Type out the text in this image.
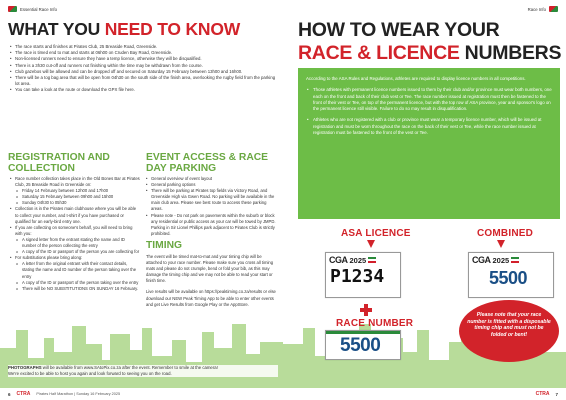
Essential Race Info
WHAT YOU NEED TO KNOW
• The race starts and finishes at Pirates Club, 25 Breaside Road, Greenside.
• The race is timed end to mat and starts at 06h00 on Cruden Bay Road, Greenside.
• Non-licensed runners need to ensure they have a temp licence, otherwise they will be disqualified.
• There is a 3h30 cut-off and runners not finishing within the time may be withdrawn from the course.
• Club gazebos will be allowed and can be dropped off and secured on Saturday 15 February between 13h00 and 16h00.
• There will be a tog bag area that will be open from 04h30 on the south side of the finish area, overlooking the rugby field from the parking lot area.
• You can take a look at the route or download the GPX file here.
REGISTRATION AND
COLLECTION
• Race number collection takes place in the Old Bones Bar at Pirates Club, 25 Breaside Road in Greenside on:
o Friday 14 February between 12h00 and 17h00
o Saturday 15 February between 09h00 and 15h00
o Sunday 04h30 to 05h30
• Collection is in the Pirates main clubhouse where you will be able to collect your number, and t-shirt if you have purchased or qualified for an early-bird entry one.
• If you are collecting on someone's behalf, you will need to bring with you:
o A signed letter from the entrant stating the name and ID number of the person collecting the entry
o A copy of the ID or passport of the person you are collecting for
• For substitutions please bring along:
o A letter from the original entrant with their contact details, stating the name and ID number of the person taking over the entry
o A copy of the ID or passport of the person taking over the entry
o There will be NO SUBSTITUTIONS ON SUNDAY 16 February.
EVENT ACCESS & RACE
DAY PARKING
• General overview of event layout
• General parking options
• There will be parking at Pirates top fields via Victory Road, and Greenside High via Gwen Road. No parking will be available in the main club area. Please see best route to access these parking areas.
• Please note - Do not park on pavements within the suburb or block any residential or public access as your car will be towed by JMPD. Parking in Sir Lionel Phillips park adjacent to Pirates Club is strictly prohibited.
TIMING

The event will be timed mat-to-mat and your timing chip will be attached to your race number. Please make sure you cross all timing mats and please do not crumple, bend or fold your bib, as this may damage the timing chip and we may not be able to read your start or finish time.

Live results will be available on https://peaktiming.co.za/results or else download our NEW Peak Timing App to be able to enter other events and get Live Results from Google Play or the AppStore.

PHOTOGRAPHS will be available from www.SAtoPix.co.za after the event. Remember to smile at the camera!
We're excited to be able to host you again and look forward to seeing you on the road.
6 CTRA Pirates Half Marathon | Sunday 16 February 2025
Race Info
HOW TO WEAR YOUR
RACE & LICENCE NUMBERS

According to the ASA Rules and Regulations, athletes are required to display licence numbers in all competitions.

• Those athletes with permanent licence numbers issued to them by their club and/or province must wear both numbers, one each on the front and back of their club vest or Tee. The race number issued at registration must then be fastened to the front of their vest or Tee, on top of the permanent licence, but with the top row of ASA province, year and sponsor's logo on the permanent licence still visible. Failure to do so may result in disqualification.
• Athletes who are not registered with a club or province must wear a temporary licence number, which will be issued at registration and must be worn throughout the race on the back of their vest or Tee, while the race number issued at registration must be fastened to the front of the vest or Tee.
ASA LICENCE
CGA 2025
P1234
RACE NUMBER
5500
COMBINED
CGA 2025
5500
Please note that your race number is fitted with a disposable timing chip and must not be folded or bent!
CTRA 7
